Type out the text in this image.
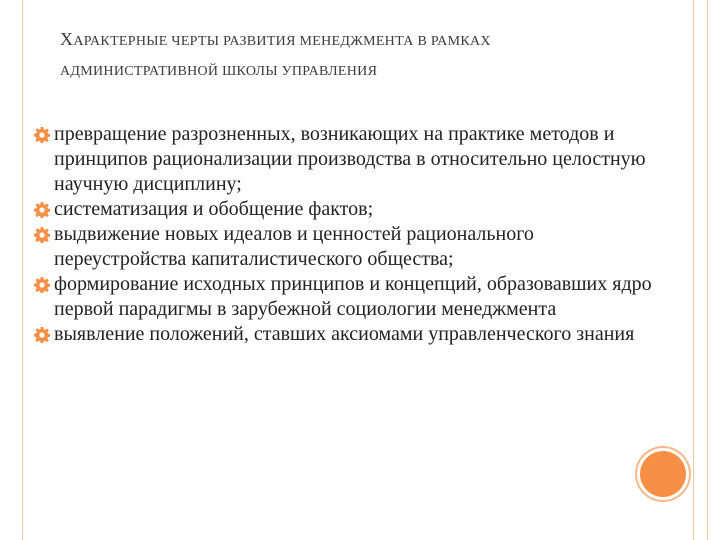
ХАРАКТЕРНЫЕ ЧЕРТЫ РАЗВИТИЯ МЕНЕДЖМЕНТА В РАМКАХ
АДМИНИСТРАТИВНОЙ ШКОЛЫ УПРАВЛЕНИЯ
превращение разрозненных, возникающих на практике методов и принципов рационализации производства в относительно целостную научную дисциплину;
систематизация и обобщение фактов;
выдвижение новых идеалов и ценностей рационального переустройства капиталистического общества;
формирование исходных принципов и концепций, образовавших ядро первой парадигмы в зарубежной социологии менеджмента
выявление положений, ставших аксиомами управленческого знания
